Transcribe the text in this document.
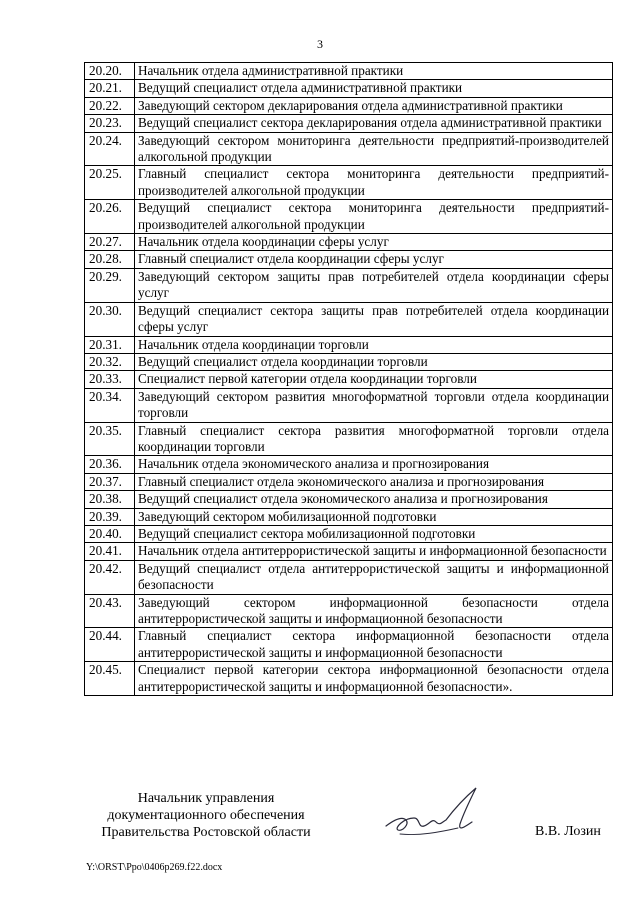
3
20.20.	Начальник отдела административной практики
20.21.	Ведущий специалист отдела административной практики
20.22.	Заведующий сектором декларирования отдела административной практики
20.23.	Ведущий специалист сектора декларирования отдела административной практики
20.24.	Заведующий сектором мониторинга деятельности предприятий-производителей алкогольной продукции
20.25.	Главный специалист сектора мониторинга деятельности предприятий-производителей алкогольной продукции
20.26.	Ведущий специалист сектора мониторинга деятельности предприятий-производителей алкогольной продукции
20.27.	Начальник отдела координации сферы услуг
20.28.	Главный специалист отдела координации сферы услуг
20.29.	Заведующий сектором защиты прав потребителей отдела координации сферы услуг
20.30.	Ведущий специалист сектора защиты прав потребителей отдела координации сферы услуг
20.31.	Начальник отдела координации торговли
20.32.	Ведущий специалист отдела координации торговли
20.33.	Специалист первой категории отдела координации торговли
20.34.	Заведующий сектором развития многоформатной торговли отдела координации торговли
20.35.	Главный специалист сектора развития многоформатной торговли отдела координации торговли
20.36.	Начальник отдела экономического анализа и прогнозирования
20.37.	Главный специалист отдела экономического анализа и прогнозирования
20.38.	Ведущий специалист отдела экономического анализа и прогнозирования
20.39.	Заведующий сектором мобилизационной подготовки
20.40.	Ведущий специалист сектора мобилизационной подготовки
20.41.	Начальник отдела антитеррористической защиты и информационной безопасности
20.42.	Ведущий специалист отдела антитеррористической защиты и информационной безопасности
20.43.	Заведующий сектором информационной безопасности отдела антитеррористической защиты и информационной безопасности
20.44.	Главный специалист сектора информационной безопасности отдела антитеррористической защиты и информационной безопасности
20.45.	Специалист первой категории сектора информационной безопасности отдела антитеррористической защиты и информационной безопасности».
Начальник управления
документационного обеспечения
Правительства Ростовской области	В.В. Лозин
Y:\ORST\Ppo\0406p269.f22.docx
